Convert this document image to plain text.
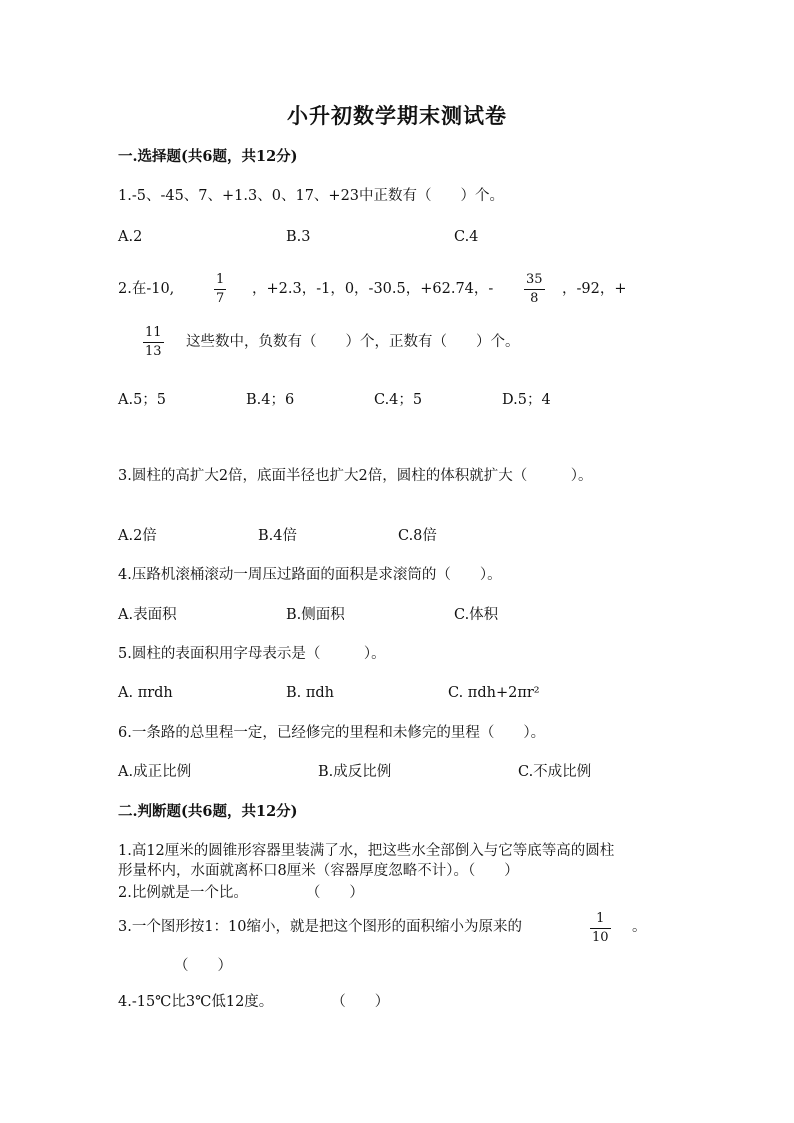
小升初数学期末测试卷
一.选择题(共6题，共12分)
1.-5、-45、7、+1.3、0、17、+23中正数有（　　）个。
A.2	B.3	C.4
2.在-10,
1
7
，+2.3，-1，0，-30.5，+62.74，-
35
8
，-92，+
11
13
这些数中，负数有（　　）个，正数有（　　）个。
A.5；5	B.4；6	C.4；5	D.5；4
3.圆柱的高扩大2倍，底面半径也扩大2倍，圆柱的体积就扩大（　　　）。
A.2倍	B.4倍	C.8倍
4.压路机滚桶滚动一周压过路面的面积是求滚筒的（　　）。
A.表面积	B.侧面积	C.体积
5.圆柱的表面积用字母表示是（　　　）。
A. πrdh	B. πdh	C. πdh+2πr²
6.一条路的总里程一定，已经修完的里程和未修完的里程（　　）。
A.成正比例	B.成反比例	C.不成比例
二.判断题(共6题，共12分)
1.高12厘米的圆锥形容器里装满了水，把这些水全部倒入与它等底等高的圆柱
形量杯内，水面就离杯口8厘米（容器厚度忽略不计）。（　　）
2.比例就是一个比。　　　　　（　　）
3.一个图形按1：10缩小，就是把这个图形的面积缩小为原来的
1
10
。
（　　）
4.-15℃比3℃低12度。　　　　　（　　）
